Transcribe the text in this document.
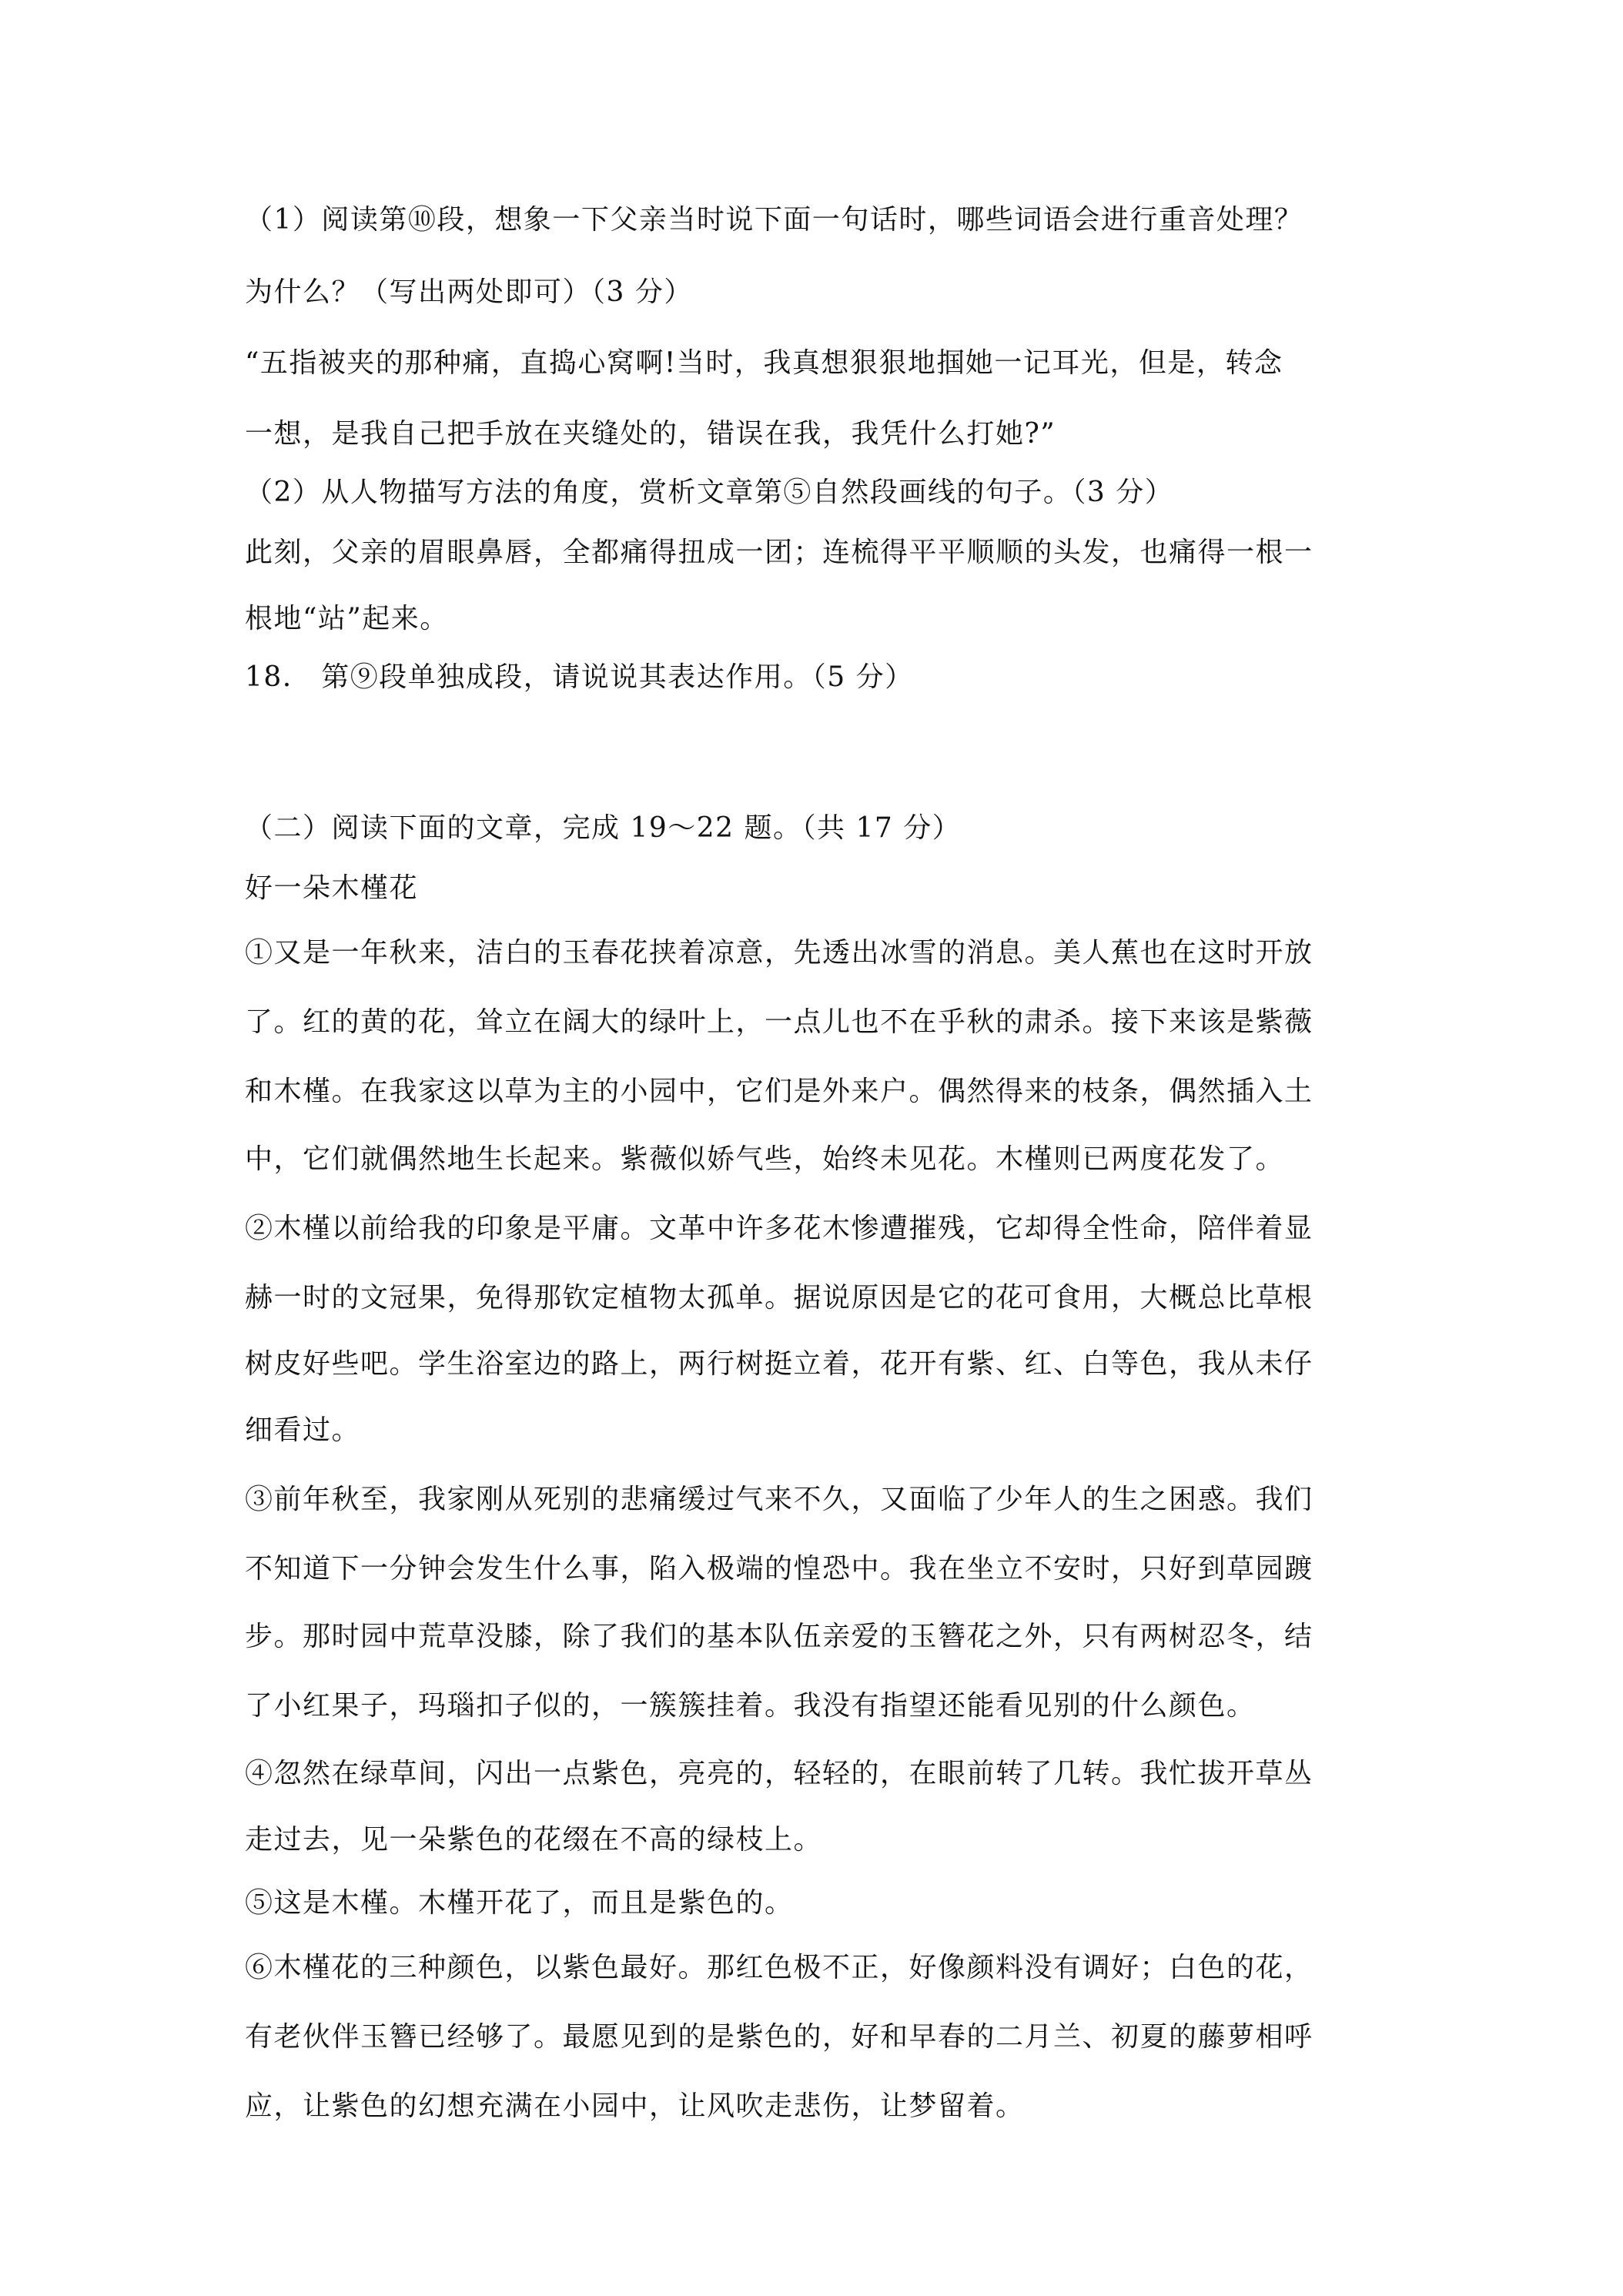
（1）阅读第⑩段，想象一下父亲当时说下面一句话时，哪些词语会进行重音处理？
为什么？（写出两处即可）（3 分）
“五指被夹的那种痛，直捣心窝啊!当时，我真想狠狠地掴她一记耳光，但是，转念
一想，是我自己把手放在夹缝处的，错误在我，我凭什么打她?”
（2）从人物描写方法的角度，赏析文章第⑤自然段画线的句子。（3 分）
此刻，父亲的眉眼鼻唇，全都痛得扭成一团；连梳得平平顺顺的头发，也痛得一根一
根地“站”起来。
18.　第⑨段单独成段，请说说其表达作用。（5 分）
（二）阅读下面的文章，完成 19～22 题。（共 17 分）
好一朵木槿花
①又是一年秋来，洁白的玉春花挟着凉意，先透出冰雪的消息。美人蕉也在这时开放
了。红的黄的花，耸立在阔大的绿叶上，一点儿也不在乎秋的肃杀。接下来该是紫薇
和木槿。在我家这以草为主的小园中，它们是外来户。偶然得来的枝条，偶然插入土
中，它们就偶然地生长起来。紫薇似娇气些，始终未见花。木槿则已两度花发了。
②木槿以前给我的印象是平庸。文革中许多花木惨遭摧残，它却得全性命，陪伴着显
赫一时的文冠果，免得那钦定植物太孤单。据说原因是它的花可食用，大概总比草根
树皮好些吧。学生浴室边的路上，两行树挺立着，花开有紫、红、白等色，我从未仔
细看过。
③前年秋至，我家刚从死别的悲痛缓过气来不久，又面临了少年人的生之困惑。我们
不知道下一分钟会发生什么事，陷入极端的惶恐中。我在坐立不安时，只好到草园踱
步。那时园中荒草没膝，除了我们的基本队伍亲爱的玉簪花之外，只有两树忍冬，结
了小红果子，玛瑙扣子似的，一簇簇挂着。我没有指望还能看见别的什么颜色。
④忽然在绿草间，闪出一点紫色，亮亮的，轻轻的，在眼前转了几转。我忙拔开草丛
走过去，见一朵紫色的花缀在不高的绿枝上。
⑤这是木槿。木槿开花了，而且是紫色的。
⑥木槿花的三种颜色，以紫色最好。那红色极不正，好像颜料没有调好；白色的花，
有老伙伴玉簪已经够了。最愿见到的是紫色的，好和早春的二月兰、初夏的藤萝相呼
应，让紫色的幻想充满在小园中，让风吹走悲伤，让梦留着。
